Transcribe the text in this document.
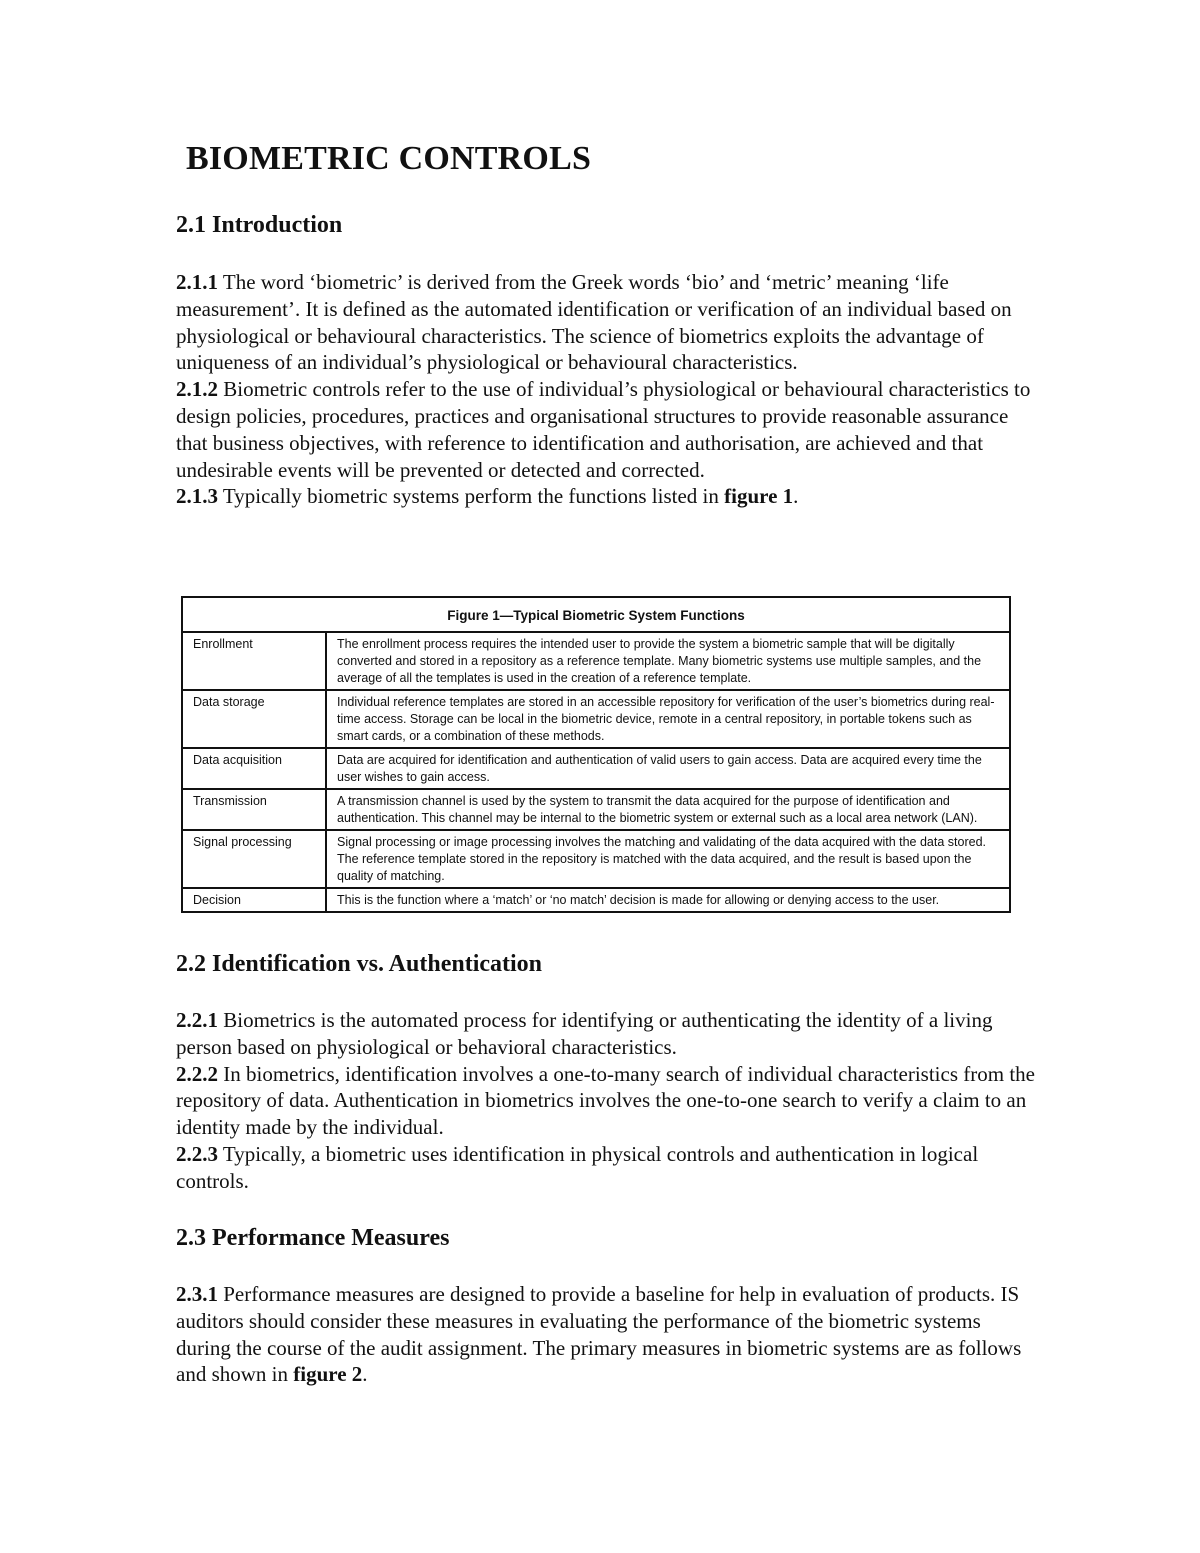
BIOMETRIC CONTROLS
2.1 Introduction

2.1.1 The word ‘biometric’ is derived from the Greek words ‘bio’ and ‘metric’ meaning ‘life measurement’. It is defined as the automated identification or verification of an individual based on physiological or behavioural characteristics. The science of biometrics exploits the advantage of uniqueness of an individual’s physiological or behavioural characteristics.

2.1.2 Biometric controls refer to the use of individual’s physiological or behavioural characteristics to design policies, procedures, practices and organisational structures to provide reasonable assurance that business objectives, with reference to identification and authorisation, are achieved and that undesirable events will be prevented or detected and corrected.

2.1.3 Typically biometric systems perform the functions listed in figure 1.

Figure 1—Typical Biometric System Functions
Enrollment	The enrollment process requires the intended user to provide the system a biometric sample that will be digitally converted and stored in a repository as a reference template. Many biometric systems use multiple samples, and the average of all the templates is used in the creation of a reference template.
Data storage	Individual reference templates are stored in an accessible repository for verification of the user’s biometrics during real-time access. Storage can be local in the biometric device, remote in a central repository, in portable tokens such as smart cards, or a combination of these methods.
Data acquisition	Data are acquired for identification and authentication of valid users to gain access. Data are acquired every time the user wishes to gain access.
Transmission	A transmission channel is used by the system to transmit the data acquired for the purpose of identification and authentication. This channel may be internal to the biometric system or external such as a local area network (LAN).
Signal processing	Signal processing or image processing involves the matching and validating of the data acquired with the data stored. The reference template stored in the repository is matched with the data acquired, and the result is based upon the quality of matching.
Decision	This is the function where a ‘match’ or ‘no match’ decision is made for allowing or denying access to the user.
2.2 Identification vs. Authentication

2.2.1 Biometrics is the automated process for identifying or authenticating the identity of a living person based on physiological or behavioral characteristics.

2.2.2 In biometrics, identification involves a one-to-many search of individual characteristics from the repository of data. Authentication in biometrics involves the one-to-one search to verify a claim to an identity made by the individual.

2.2.3 Typically, a biometric uses identification in physical controls and authentication in logical controls.

2.3 Performance Measures

2.3.1 Performance measures are designed to provide a baseline for help in evaluation of products. IS auditors should consider these measures in evaluating the performance of the biometric systems during the course of the audit assignment. The primary measures in biometric systems are as follows and shown in figure 2.
